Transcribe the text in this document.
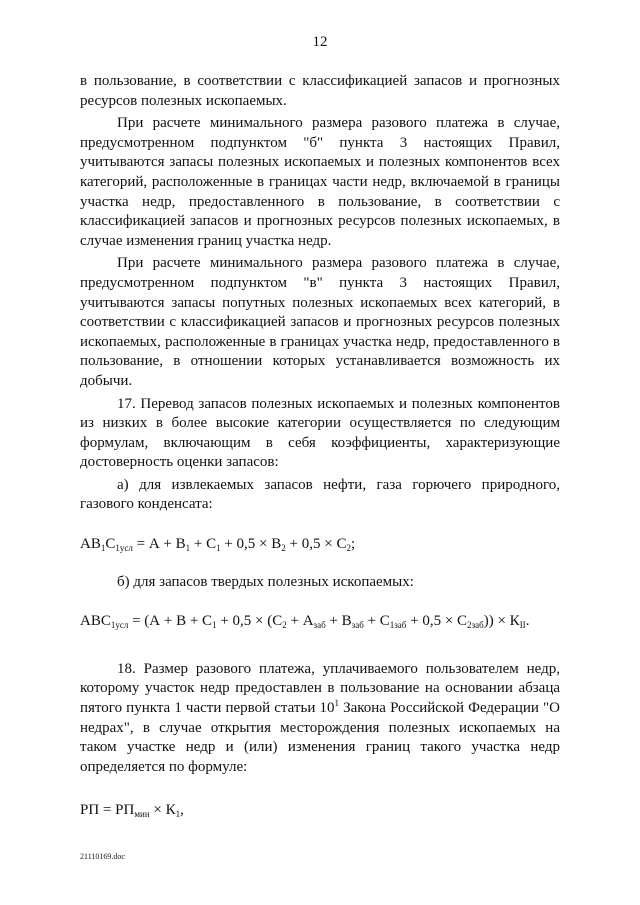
12

в пользование, в соответствии с классификацией запасов и прогнозных ресурсов полезных ископаемых.

При расчете минимального размера разового платежа в случае, предусмотренном подпунктом "б" пункта 3 настоящих Правил, учитываются запасы полезных ископаемых и полезных компонентов всех категорий, расположенные в границах части недр, включаемой в границы участка недр, предоставленного в пользование, в соответствии с классификацией запасов и прогнозных ресурсов полезных ископаемых, в случае изменения границ участка недр.

При расчете минимального размера разового платежа в случае, предусмотренном подпунктом "в" пункта 3 настоящих Правил, учитываются запасы попутных полезных ископаемых всех категорий, в соответствии с классификацией запасов и прогнозных ресурсов полезных ископаемых, расположенные в границах участка недр, предоставленного в пользование, в отношении которых устанавливается возможность их добычи.

17. Перевод запасов полезных ископаемых и полезных компонентов из низких в более высокие категории осуществляется по следующим формулам, включающим в себя коэффициенты, характеризующие достоверность оценки запасов:

а) для извлекаемых запасов нефти, газа горючего природного, газового конденсата:

$АВ_1С_{1усл} = А + В_1 + С_1 + 0,5 \times В_2 + 0,5 \times С_2$;

б) для запасов твердых полезных ископаемых:

$АВС_{1усл} = (А + В + С_1 + 0,5 \times (С_2 + А_{заб} + В_{заб} + С_{1заб} + 0,5 \times С_{2заб})) \times К_{II}$.

18. Размер разового платежа, уплачиваемого пользователем недр, которому участок недр предоставлен в пользование на основании абзаца пятого пункта 1 части первой статьи $10^1$ Закона Российской Федерации "О недрах", в случае открытия месторождения полезных ископаемых на таком участке недр и (или) изменения границ такого участка недр определяется по формуле:

РП = $РП_{мин} \times К_1$,

21110169.doc
